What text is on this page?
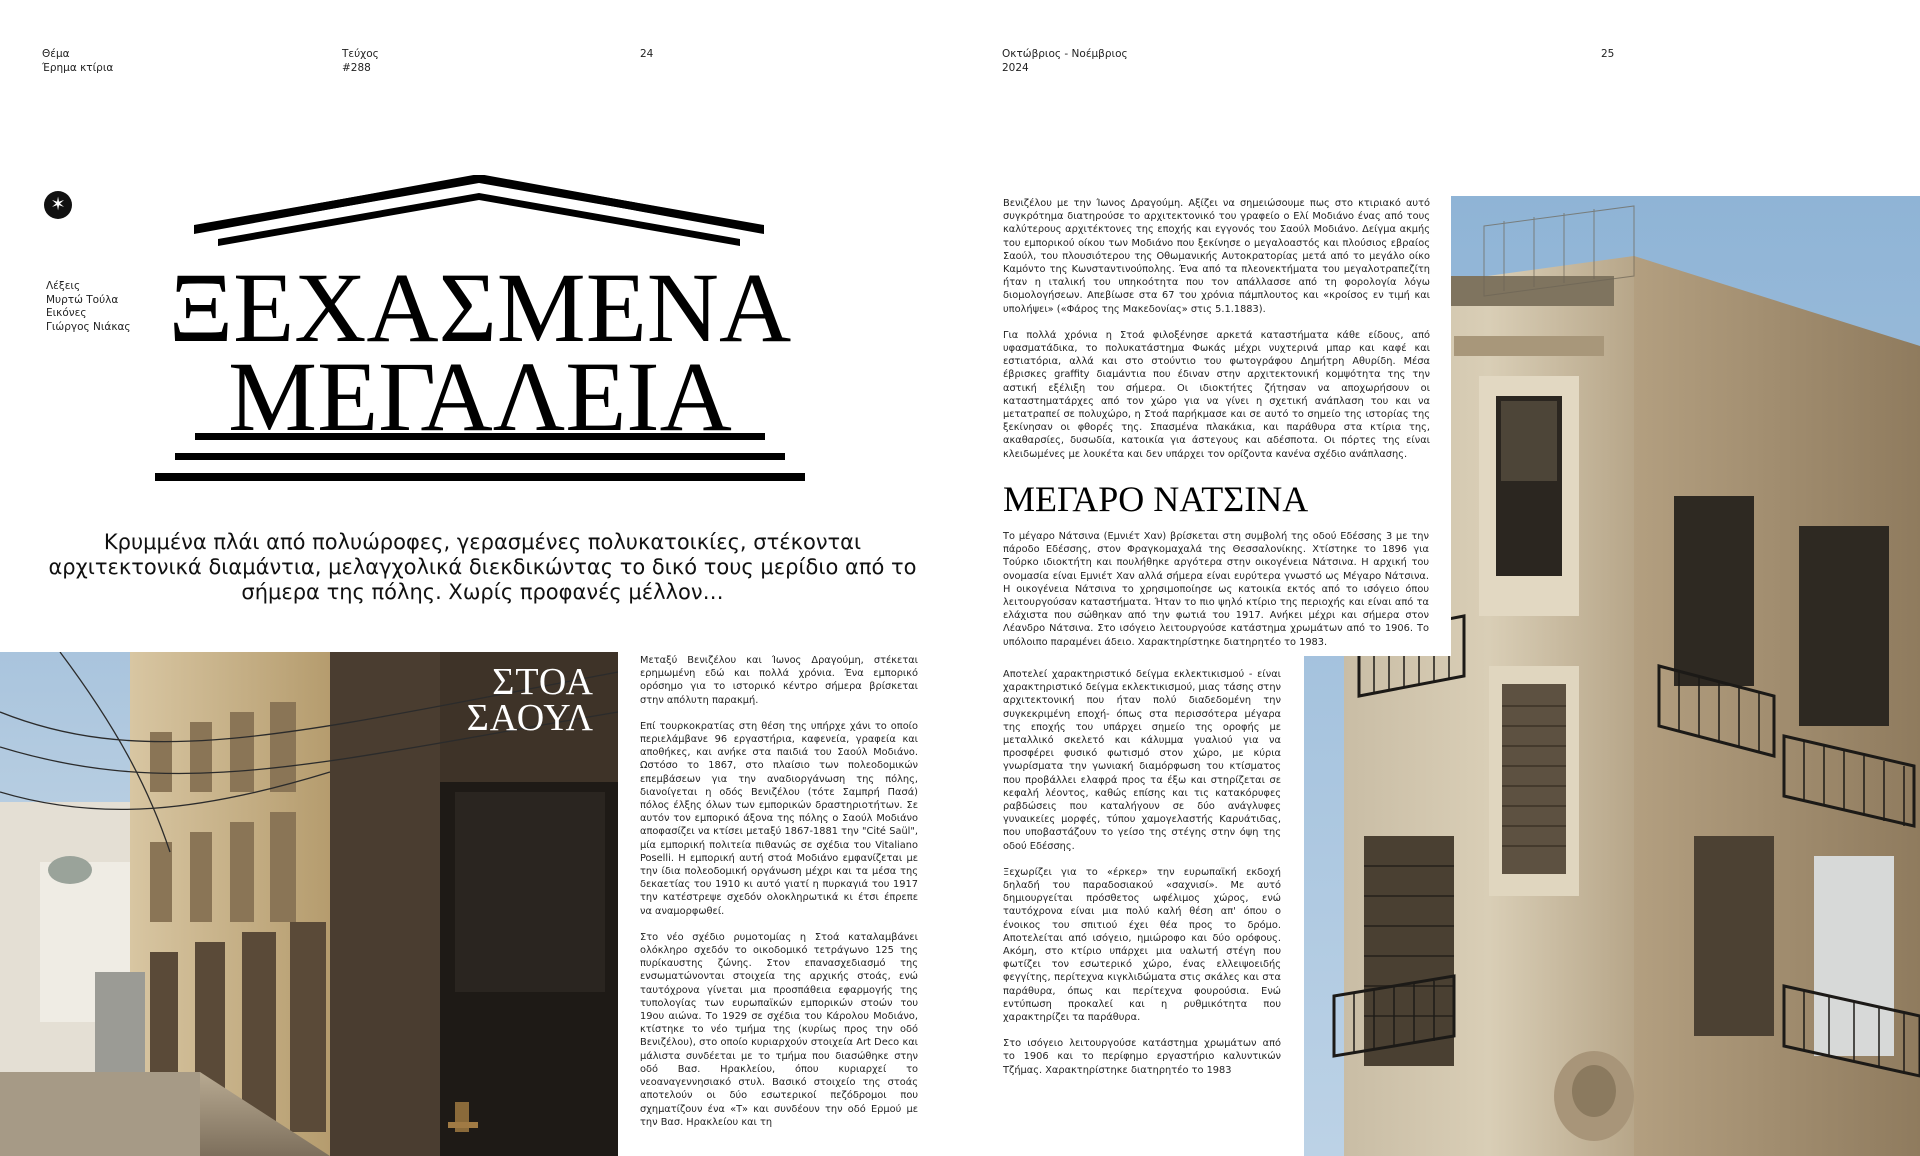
Θέμα
Έρημα κτίρια
Τεύχος
#288
24	Οκτώβριος - Νοέμβριος
2024
25
✶
Λέξεις
Μυρτώ Τούλα
Εικόνες
Γιώργος Νιάκας ΞΕΧΑΣΜΕΝΑ
ΜΕΓΑΛΕΙΑ
Κρυμμένα πλάι από πολυώροφες, γερασμένες πολυκατοικίες, στέκονται αρχιτεκτονικά διαμάντια, μελαγχολικά διεκδικώντας το δικό τους μερίδιο από το σήμερα της πόλης. Χωρίς προφανές μέλλον…
ΣΤΟΑ
ΣΑΟΥΛ

Μεταξύ Βενιζέλου και Ίωνος Δραγούμη, στέκεται ερημωμένη εδώ και πολλά χρόνια. Ένα εμπορικό ορόσημο για το ιστορικό κέντρο σήμερα βρίσκεται στην απόλυτη παρακμή.

Επί τουρκοκρατίας στη θέση της υπήρχε χάνι το οποίο περιελάμβανε 96 εργαστήρια, καφενεία, γραφεία και αποθήκες, και ανήκε στα παιδιά του Σαούλ Μοδιάνο. Ωστόσο το 1867, στο πλαίσιο των πολεοδομικών επεμβάσεων για την αναδιοργάνωση της πόλης, διανοίγεται η οδός Βενιζέλου (τότε Σαμπρή Πασά) πόλος έλξης όλων των εμπορικών δραστηριοτήτων. Σε αυτόν τον εμπορικό άξονα της πόλης ο Σαούλ Μοδιάνο αποφασίζει να κτίσει μεταξύ 1867-1881 την "Cité Saül", μία εμπορική πολιτεία πιθανώς σε σχέδια του Vitaliano Poselli. Η εμπορική αυτή στοά Μοδιάνο εμφανίζεται με την ίδια πολεοδομική οργάνωση μέχρι και τα μέσα της δεκαετίας του 1910 κι αυτό γιατί η πυρκαγιά του 1917 την κατέστρεψε σχεδόν ολοκληρωτικά κι έτσι έπρεπε να αναμορφωθεί.

Στο νέο σχέδιο ρυμοτομίας η Στοά καταλαμβάνει ολόκληρο σχεδόν το οικοδομικό τετράγωνο 125 της πυρίκαυστης ζώνης. Στον επανασχεδιασμό της ενσωματώνονται στοιχεία της αρχικής στοάς, ενώ ταυτόχρονα γίνεται μια προσπάθεια εφαρμογής της τυπολογίας των ευρωπαϊκών εμπορικών στοών του 19ου αιώνα. Το 1929 σε σχέδια του Κάρολου Μοδιάνο, κτίστηκε το νέο τμήμα της (κυρίως προς την οδό Βενιζέλου), στο οποίο κυριαρχούν στοιχεία Art Deco και μάλιστα συνδέεται με το τμήμα που διασώθηκε στην οδό Βασ. Ηρακλείου, όπου κυριαρχεί το νεοαναγεννησιακό στυλ. Βασικό στοιχείο της στοάς αποτελούν οι δύο εσωτερικοί πεζόδρομοι που σχηματίζουν ένα «Τ» και συνδέουν την οδό Ερμού με την Βασ. Ηρακλείου και τη

Βενιζέλου με την Ίωνος Δραγούμη. Αξίζει να σημειώσουμε πως στο κτιριακό αυτό συγκρότημα διατηρούσε το αρχιτεκτονικό του γραφείο ο Ελί Μοδιάνο ένας από τους καλύτερους αρχιτέκτονες της εποχής και εγγονός του Σαούλ Μοδιάνο. Δείγμα ακμής του εμπορικού οίκου των Μοδιάνο που ξεκίνησε ο μεγαλοαστός και πλούσιος εβραίος Σαούλ, του πλουσιότερου της Οθωμανικής Αυτοκρατορίας μετά από το μεγάλο οίκο Καμόντο της Κωνσταντινούπολης. Ένα από τα πλεονεκτήματα του μεγαλοτραπεζίτη ήταν η ιταλική του υπηκοότητα που τον απάλλασσε από τη φορολογία λόγω διομολογήσεων. Απεβίωσε στα 67 του χρόνια πάμπλουτος και «κροίσος εν τιμή και υπολήψει» («Φάρος της Μακεδονίας» στις 5.1.1883).

Για πολλά χρόνια η Στοά φιλοξένησε αρκετά καταστήματα κάθε είδους, από υφασματάδικα, το πολυκατάστημα Φωκάς μέχρι νυχτερινά μπαρ και καφέ και εστιατόρια, αλλά και στο στούντιο του φωτογράφου Δημήτρη Αθυρίδη. Μέσα έβρισκες graffity διαμάντια που έδιναν στην αρχιτεκτονική κομψότητα της την αστική εξέλιξη του σήμερα. Οι ιδιοκτήτες ζήτησαν να αποχωρήσουν οι καταστηματάρχες από τον χώρο για να γίνει η σχετική ανάπλαση του και να μετατραπεί σε πολυχώρο, η Στοά παρήκμασε και σε αυτό το σημείο της ιστορίας της ξεκίνησαν οι φθορές της. Σπασμένα πλακάκια, και παράθυρα στα κτίρια της, ακαθαρσίες, δυσωδία, κατοικία για άστεγους και αδέσποτα. Οι πόρτες της είναι κλειδωμένες με λουκέτα και δεν υπάρχει τον ορίζοντα κανένα σχέδιο ανάπλασης.

ΜΕΓΑΡΟ ΝΑΤΣΙΝΑ

Το μέγαρο Νάτσινα (Εμνιέτ Χαν) βρίσκεται στη συμβολή της οδού Εδέσσης 3 με την πάροδο Εδέσσης, στον Φραγκομαχαλά της Θεσσαλονίκης. Χτίστηκε το 1896 για Τούρκο ιδιοκτήτη και πουλήθηκε αργότερα στην οικογένεια Νάτσινα. Η αρχική του ονομασία είναι Εμνιέτ Χαν αλλά σήμερα είναι ευρύτερα γνωστό ως Μέγαρο Νάτσινα. Η οικογένεια Νάτσινα το χρησιμοποίησε ως κατοικία εκτός από το ισόγειο όπου λειτουργούσαν καταστήματα. Ήταν το πιο ψηλό κτίριο της περιοχής και είναι από τα ελάχιστα που σώθηκαν από την φωτιά του 1917. Ανήκει μέχρι και σήμερα στον Λέανδρο Νάτσινα. Στο ισόγειο λειτουργούσε κατάστημα χρωμάτων από το 1906. Το υπόλοιπο παραμένει άδειο. Χαρακτηρίστηκε διατηρητέο το 1983.

Αποτελεί χαρακτηριστικό δείγμα εκλεκτικισμού - είναι χαρακτηριστικό δείγμα εκλεκτικισμού, μιας τάσης στην αρχιτεκτονική που ήταν πολύ διαδεδομένη την συγκεκριμένη εποχή- όπως στα περισσότερα μέγαρα της εποχής του υπάρχει σημείο της οροφής με μεταλλικό σκελετό και κάλυμμα γυαλιού για να προσφέρει φυσικό φωτισμό στον χώρο, με κύρια γνωρίσματα την γωνιακή διαμόρφωση του κτίσματος που προβάλλει ελαφρά προς τα έξω και στηρίζεται σε κεφαλή λέοντος, καθώς επίσης και τις κατακόρυφες ραβδώσεις που καταλήγουν σε δύο ανάγλυφες γυναικείες μορφές, τύπου χαμογελαστής Καρυάτιδας, που υποβαστάζουν το γείσο της στέγης στην όψη της οδού Εδέσσης.

Ξεχωρίζει για το «έρκερ» την ευρωπαϊκή εκδοχή δηλαδή του παραδοσιακού «σαχνισί». Με αυτό δημιουργείται πρόσθετος ωφέλιμος χώρος, ενώ ταυτόχρονα είναι μια πολύ καλή θέση απ' όπου ο ένοικος του σπιτιού έχει θέα προς το δρόμο. Αποτελείται από ισόγειο, ημιώροφο και δύο ορόφους. Ακόμη, στο κτίριο υπάρχει μια υαλωτή στέγη που φωτίζει τον εσωτερικό χώρο, ένας ελλειψοειδής φεγγίτης, περίτεχνα κιγκλιδώματα στις σκάλες και στα παράθυρα, όπως και περίτεχνα φουρούσια. Ενώ εντύπωση προκαλεί και η ρυθμικότητα που χαρακτηρίζει τα παράθυρα.

Στο ισόγειο λειτουργούσε κατάστημα χρωμάτων από το 1906 και το περίφημο εργαστήριο καλυντικών Τζήμας. Χαρακτηρίστηκε διατηρητέο το 1983
